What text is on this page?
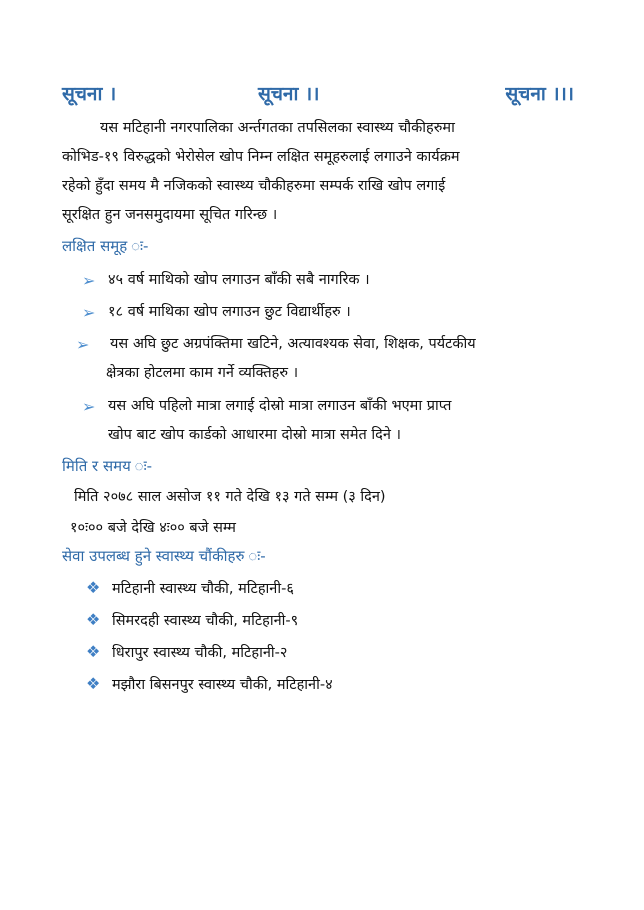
सूचना ।	सूचना ।।	सूचना ।।।
यस मटिहानी नगरपालिका अर्न्तगतका तपसिलका स्वास्थ्य चौकीहरुमा
कोभिड-१९ विरुद्धको भेरोसेल खोप निम्न लक्षित समूहरुलाई लगाउने कार्यक्रम
रहेको हुँदा समय मै नजिकको स्वास्थ्य चौकीहरुमा सम्पर्क राखि खोप लगाई
सूरक्षित हुन जनसमुदायमा सूचित गरिन्छ ।
लक्षित समूह ः-
➢ ४५ वर्ष माथिको खोप लगाउन बाँकी सबै नागरिक ।
➢ १८ वर्ष माथिका खोप लगाउन छुट विद्यार्थीहरु ।
➢	यस अघि छुट अग्रपंक्तिमा खटिने, अत्यावश्यक सेवा, शिक्षक, पर्यटकीय
क्षेत्रका होटलमा काम गर्ने व्यक्तिहरु ।
➢ यस अघि पहिलो मात्रा लगाई दोस्रो मात्रा लगाउन बाँकी भएमा प्राप्त
खोप बाट खोप कार्डको आधारमा दोस्रो मात्रा समेत दिने ।
मिति र समय ः-
मिति २०७८ साल असोज ११ गते देखि १३ गते सम्म (३ दिन)
१०ः०० बजे देखि ४ः०० बजे सम्म
सेवा उपलब्ध हुने स्वास्थ्य चौंकीहरु ः-
❖ मटिहानी स्वास्थ्य चौकी, मटिहानी-६
❖ सिमरदही स्वास्थ्य चौकी, मटिहानी-९
❖ धिरापुर स्वास्थ्य चौकी, मटिहानी-२
❖ मझौरा बिसनपुर स्वास्थ्य चौकी, मटिहानी-४
